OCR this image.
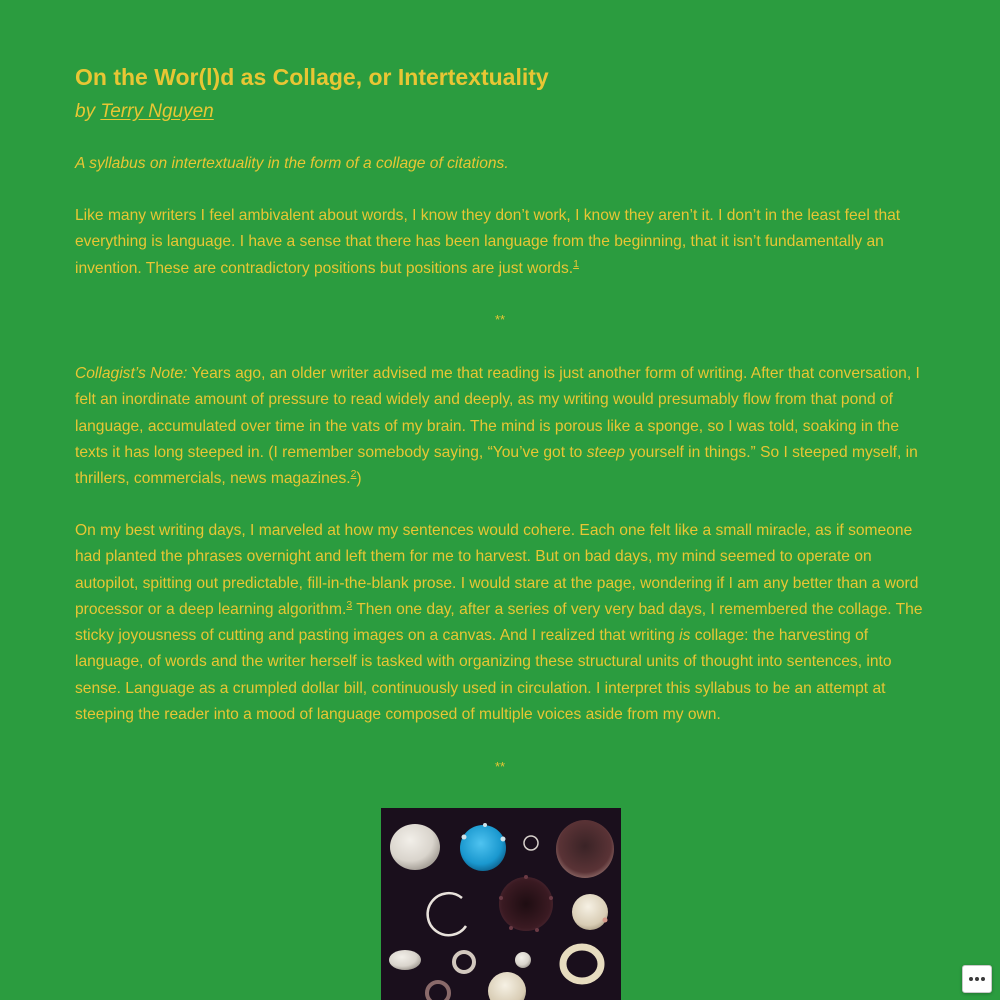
On the Wor(l)d as Collage, or Intertextuality

by Terry Nguyen

A syllabus on intertextuality in the form of a collage of citations.

Like many writers I feel ambivalent about words, I know they don’t work, I know they aren’t it. I don’t in the least feel that everything is language. I have a sense that there has been language from the beginning, that it isn’t fundamentally an invention. These are contradictory positions but positions are just words.$^1$

**

Collagist’s Note: Years ago, an older writer advised me that reading is just another form of writing. After that conversation, I felt an inordinate amount of pressure to read widely and deeply, as my writing would presumably flow from that pond of language, accumulated over time in the vats of my brain. The mind is porous like a sponge, so I was told, soaking in the texts it has long steeped in. (I remember somebody saying, “You’ve got to steep yourself in things.” So I steeped myself, in thrillers, commercials, news magazines.$^2$)

On my best writing days, I marveled at how my sentences would cohere. Each one felt like a small miracle, as if someone had planted the phrases overnight and left them for me to harvest. But on bad days, my mind seemed to operate on autopilot, spitting out predictable, fill-in-the-blank prose. I would stare at the page, wondering if I am any better than a word processor or a deep learning algorithm.$^3$ Then one day, after a series of very very bad days, I remembered the collage. The sticky joyousness of cutting and pasting images on a canvas. And I realized that writing is collage: the harvesting of language, of words and the writer herself is tasked with organizing these structural units of thought into sentences, into sense. Language as a crumpled dollar bill, continuously used in circulation. I interpret this syllabus to be an attempt at steeping the reader into a mood of language composed of multiple voices aside from my own.

**
